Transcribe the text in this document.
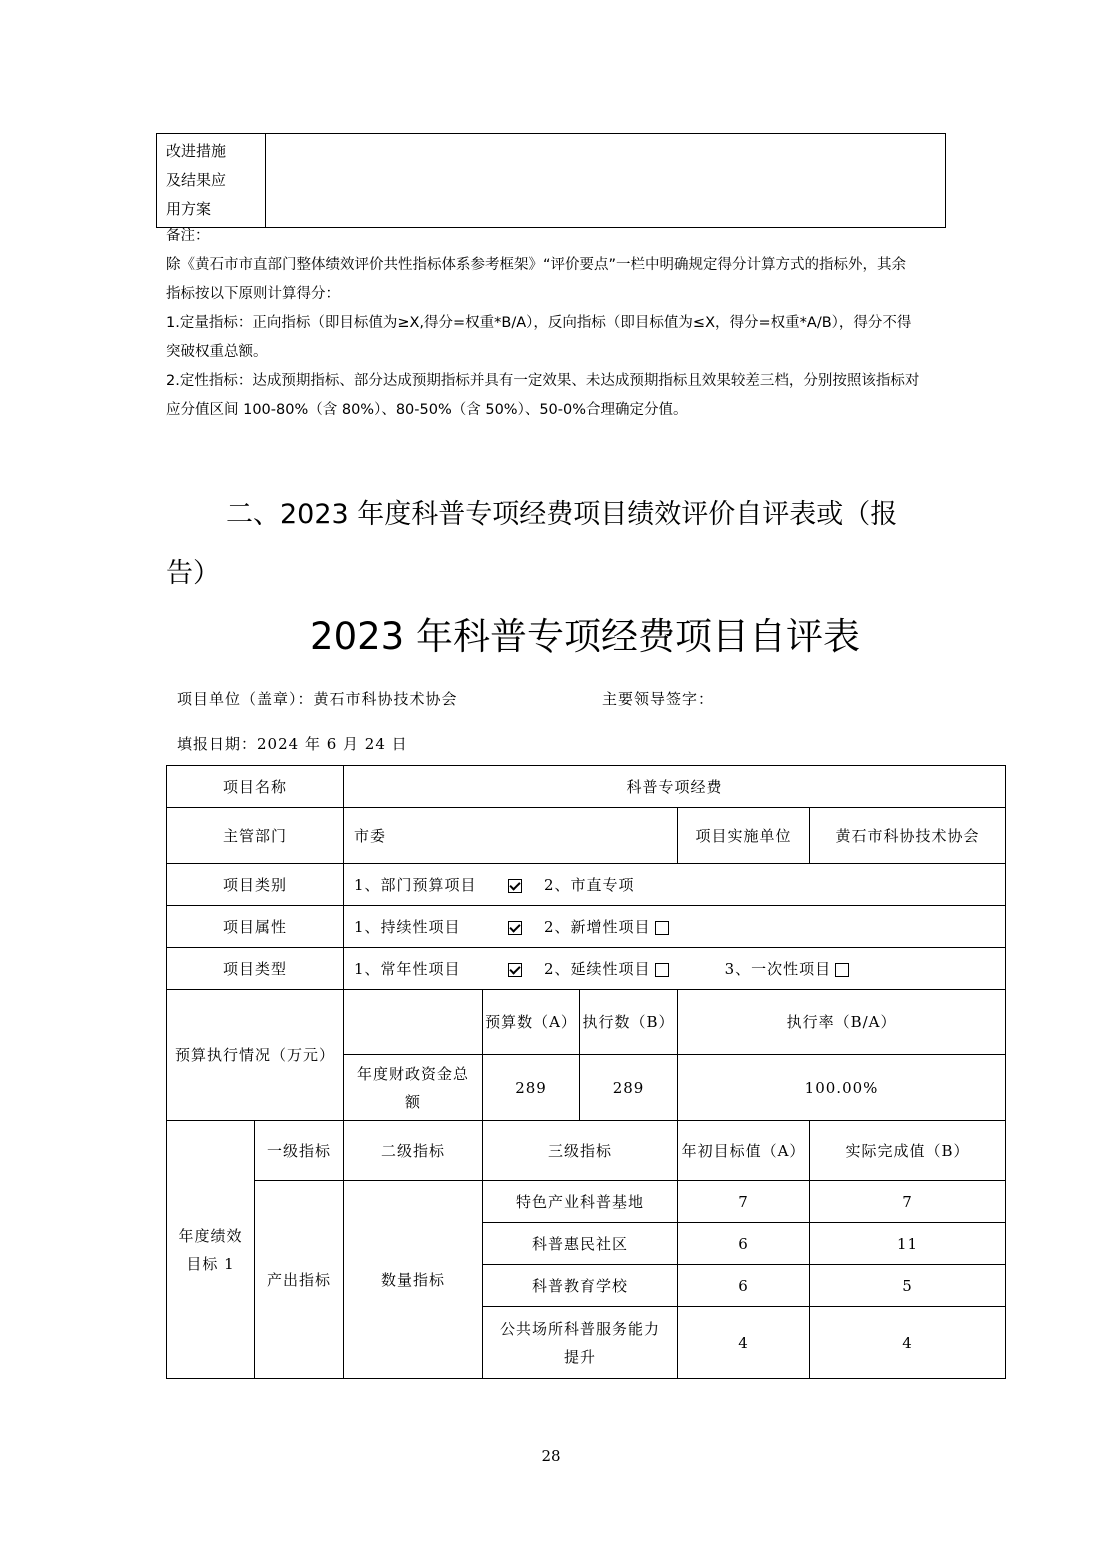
改进措施
及结果应
用方案

备注：
除《黄石市市直部门整体绩效评价共性指标体系参考框架》“评价要点”一栏中明确规定得分计算方式的指标外，其余
指标按以下原则计算得分：
1.定量指标：正向指标（即目标值为≥X,得分=权重*B/A），反向指标（即目标值为≤X，得分=权重*A/B），得分不得
突破权重总额。
2.定性指标：达成预期指标、部分达成预期指标并具有一定效果、未达成预期指标且效果较差三档，分别按照该指标对
应分值区间 100-80%（含 80%）、80-50%（含 50%）、50-0%合理确定分值。
二、2023 年度科普专项经费项目绩效评价自评表或（报
告）
2023 年科普专项经费项目自评表
项目单位（盖章）：黄石市科协技术协会	主要领导签字：
填报日期：2024 年 6 月 24 日
项目名称		科普专项经费				
主管部门		市委			项目实施单位	黄石市科协技术协会
项目类别		1、部门预算项目 2、市直专项				
项目属性		1、持续性项目 2、新增性项目				
项目类型		1、常年性项目 2、延续性项目 3、一次性项目				
预算执行情况（万元）			预算数（A）	执行数（B）	执行率（B/A）	
		年度财政资金总额	289	289	100.00%	
年度绩效目标 1	一级指标	二级指标	三级指标		年初目标值（A）	实际完成值（B）
	产出指标	数量指标	特色产业科普基地		7	7
			科普惠民社区		6	11
			科普教育学校		6	5
			公共场所科普服务能力提升		4	4
28
